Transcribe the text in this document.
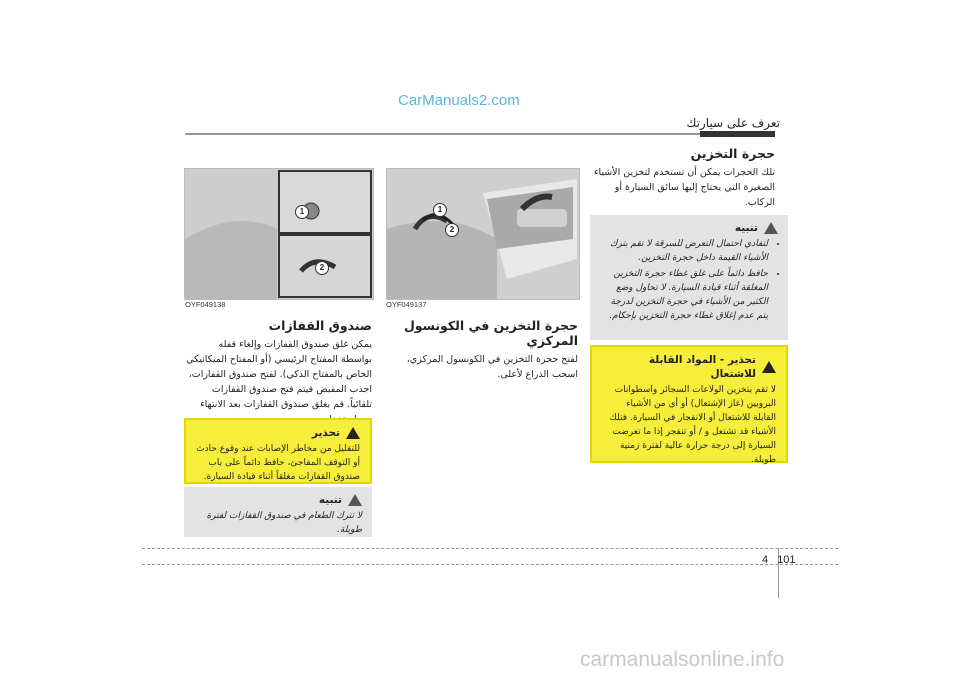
CarManuals2.com
تعرف على سيارتك
حجرة التخزين
تلك الحجرات يمكن أن تستخدم لتخزين الأشياء الصغيرة التي يحتاج إليها سائق السيارة أو الركاب.
تنبيه
• لتفادي احتمال التعرض للسرقة لا تقم بترك الأشياء القيمة داخل حجرة التخزين.
• حافظ دائماً على غلق غطاء حجرة التخزين المغلقة أثناء قيادة السيارة. لا تحاول وضع الكثير من الأشياء في حجرة التخزين لدرجة يتم عدم إغلاق غطاء حجرة التخزين بإحكام.
تحذير - المواد القابلة للاشتعال
لا تقم بتخزين الولاعات السجائر واسطوانات البروبين (غاز الإشتعال) أو أي من الأشياء القابلة للاشتعال أو الانفجار في السيارة. فتلك الأشياء قد تشتعل و / أو تنفجر إذا ما تعرضت السيارة إلى درجة حرارة عالية لفترة زمنية طويلة.
1
2
OYF049137
حجرة التخزين في الكونسول المركزي
لفتح حجرة التخزين في الكونسول المركزي، اسحب الذراع لأعلى.
1
2
OYF049138
صندوق القفازات
يمكن غلق صندوق القفازات وإلغاء قفله بواسطة المفتاح الرئيسي (أو المفتاح الميكانيكي الخاص بالمفتاح الذكي). لفتح صندوق القفازات، اجذب المقبض فيتم فتح صندوق القفازات تلقائياً. قم بغلق صندوق القفازات بعد الانتهاء
تحذير
للتقليل من مخاطر الإصابات عند وقوع حادث أو التوقف المفاجئ، حافظ دائماً على باب صندوق القفازات مغلقاً أثناء قيادة السيارة.
تنبيه
لا تترك الطعام في صندوق القفازات لفترة طويلة.
4 101
carmanualsonline.info
